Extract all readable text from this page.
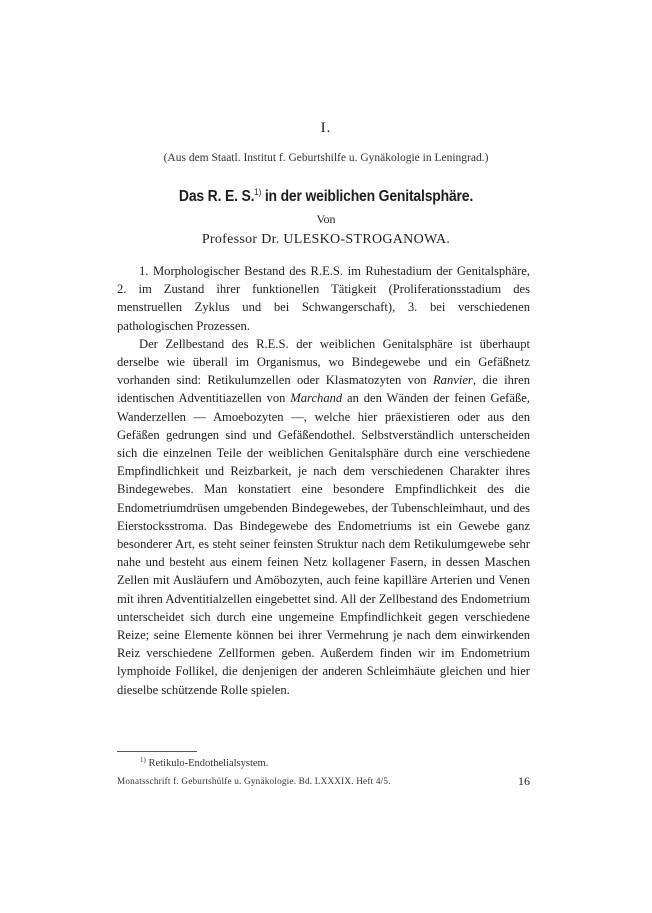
I.
(Aus dem Staatl. Institut f. Geburtshilfe u. Gynäkologie in Leningrad.)
Das R. E. S.$^{1)}$ in der weiblichen Genitalsphäre.
Von
Professor Dr. ULESKO-STROGANOWA.

1. Morphologischer Bestand des R.E.S. im Ruhestadium der Genitalsphäre, 2. im Zustand ihrer funktionellen Tätigkeit (Proliferationsstadium des menstruellen Zyklus und bei Schwangerschaft), 3. bei verschiedenen pathologischen Prozessen.

Der Zellbestand des R.E.S. der weiblichen Genitalsphäre ist überhaupt derselbe wie überall im Organismus, wo Bindegewebe und ein Gefäßnetz vorhanden sind: Retikulumzellen oder Klasmatozyten von Ranvier, die ihren identischen Adventitiazellen von Marchand an den Wänden der feinen Gefäße, Wanderzellen — Amoebozyten —, welche hier präexistieren oder aus den Gefäßen gedrungen sind und Gefäßendothel. Selbstverständlich unterscheiden sich die einzelnen Teile der weiblichen Genitalsphäre durch eine verschiedene Empfindlichkeit und Reizbarkeit, je nach dem verschiedenen Charakter ihres Bindegewebes. Man konstatiert eine besondere Empfindlichkeit des die Endometriumdrüsen umgebenden Bindegewebes, der Tubenschleimhaut, und des Eierstocksstroma. Das Bindegewebe des Endometriums ist ein Gewebe ganz besonderer Art, es steht seiner feinsten Struktur nach dem Retikulumgewebe sehr nahe und besteht aus einem feinen Netz kollagener Fasern, in dessen Maschen Zellen mit Ausläufern und Amöbozyten, auch feine kapilläre Arterien und Venen mit ihren Adventitialzellen eingebettet sind. All der Zellbestand des Endometrium unterscheidet sich durch eine ungemeine Empfindlichkeit gegen verschiedene Reize; seine Elemente können bei ihrer Vermehrung je nach dem einwirkenden Reiz verschiedene Zellformen geben. Außerdem finden wir im Endometrium lymphoide Follikel, die denjenigen der anderen Schleimhäute gleichen und hier dieselbe schützende Rolle spielen.

$^{1)}$ Retikulo-Endothelialsystem.
Monatsschrift f. Geburtshülfe u. Gynäkologie. Bd. LXXXIX. Heft 4/5.	16
